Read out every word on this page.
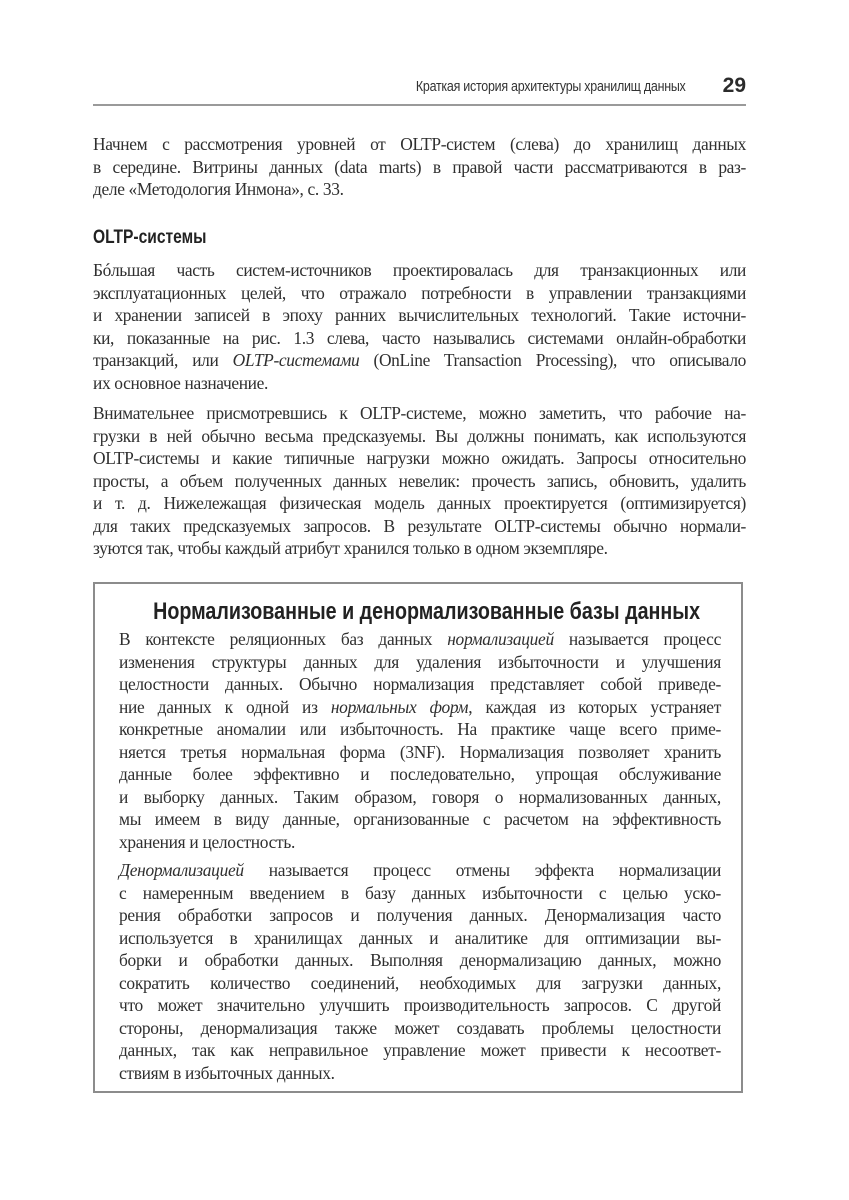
Краткая история архитектуры хранилищ данных 29

Начнем с рассмотрения уровней от OLTP-систем (слева) до хранилищ данных
в середине. Витрины данных (data marts) в правой части рассматриваются в раз-
деле «Методология Инмона», с. 33.

OLTP-системы

Бóльшая часть систем-источников проектировалась для транзакционных или
эксплуатационных целей, что отражало потребности в управлении транзакциями
и хранении записей в эпоху ранних вычислительных технологий. Такие источни-
ки, показанные на рис. 1.3 слева, часто назывались системами онлайн-обработки
транзакций, или OLTP-системами (OnLine Transaction Processing), что описывало
их основное назначение.

Внимательнее присмотревшись к OLTP-системе, можно заметить, что рабочие на-
грузки в ней обычно весьма предсказуемы. Вы должны понимать, как используются
OLTP-системы и какие типичные нагрузки можно ожидать. Запросы относительно
просты, а объем полученных данных невелик: прочесть запись, обновить, удалить
и т. д. Нижележащая физическая модель данных проектируется (оптимизируется)
для таких предсказуемых запросов. В результате OLTP-системы обычно нормали-
зуются так, чтобы каждый атрибут хранился только в одном экземпляре.

Нормализованные и денормализованные базы данных

В контексте реляционных баз данных нормализацией называется процесс
изменения структуры данных для удаления избыточности и улучшения
целостности данных. Обычно нормализация представляет собой приведе-
ние данных к одной из нормальных форм, каждая из которых устраняет
конкретные аномалии или избыточность. На практике чаще всего приме-
няется третья нормальная форма (3NF). Нормализация позволяет хранить
данные более эффективно и последовательно, упрощая обслуживание
и выборку данных. Таким образом, говоря о нормализованных данных,
мы имеем в виду данные, организованные с расчетом на эффективность
хранения и целостность.

Денормализацией называется процесс отмены эффекта нормализации
с намеренным введением в базу данных избыточности с целью уско-
рения обработки запросов и получения данных. Денормализация часто
используется в хранилищах данных и аналитике для оптимизации вы-
борки и обработки данных. Выполняя денормализацию данных, можно
сократить количество соединений, необходимых для загрузки данных,
что может значительно улучшить производительность запросов. С другой
стороны, денормализация также может создавать проблемы целостности
данных, так как неправильное управление может привести к несоответ-
ствиям в избыточных данных.
